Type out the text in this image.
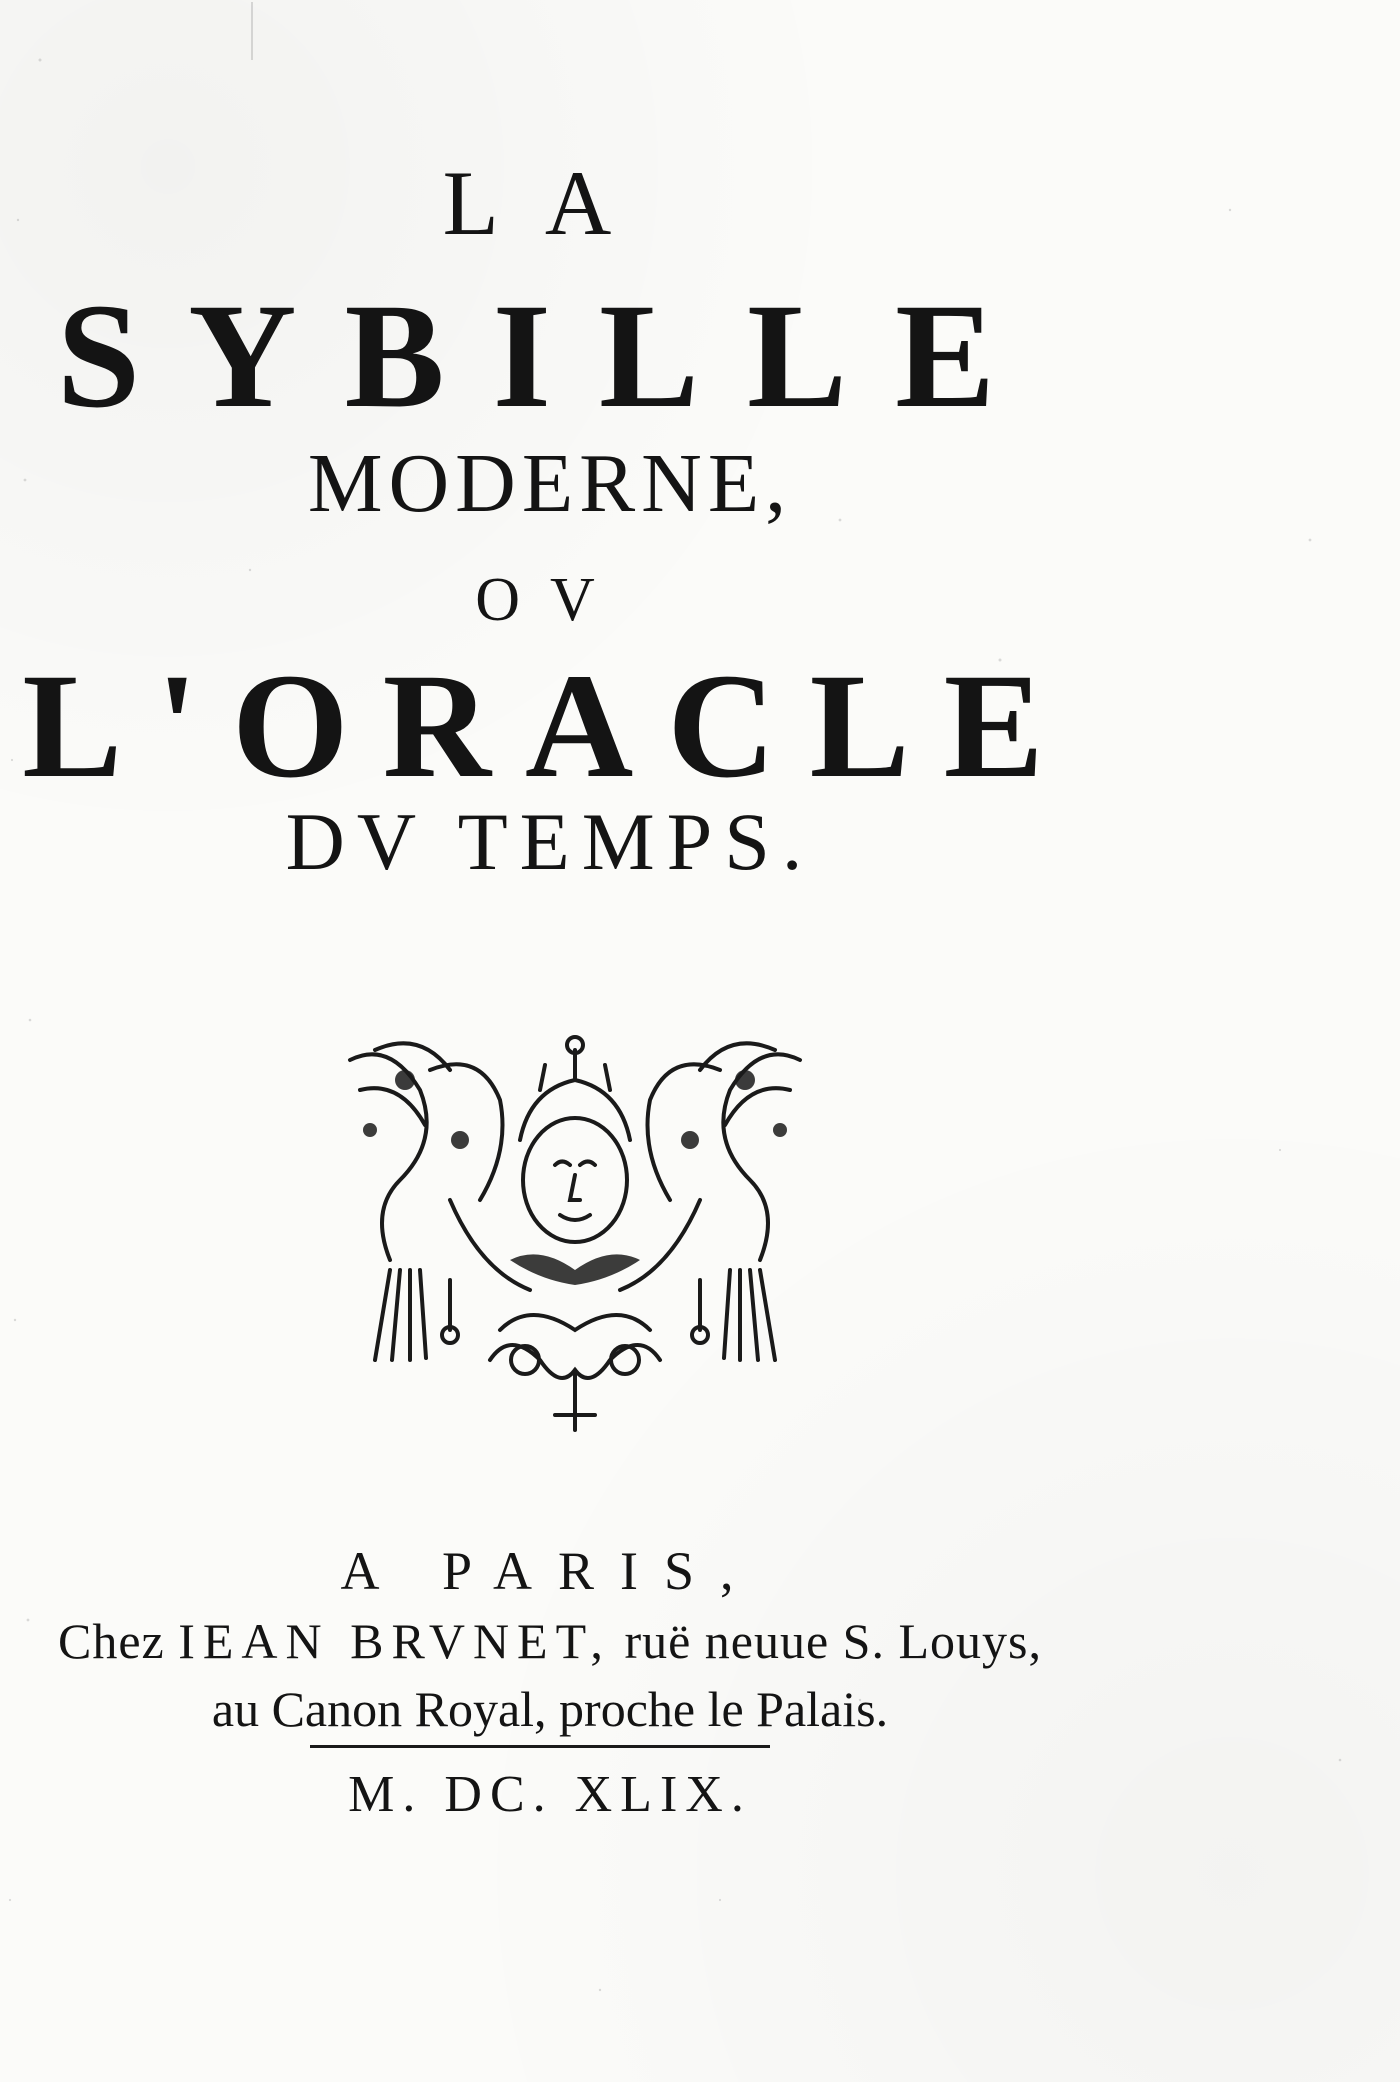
LA
SYBILLE
MODERNE,
OV
L'ORACLE
DV TEMPS.
A PARIS,
Chez IEAN BRVNET, ruë neuue S. Louys,
au Canon Royal, proche le Palais.
M. DC. XLIX.
